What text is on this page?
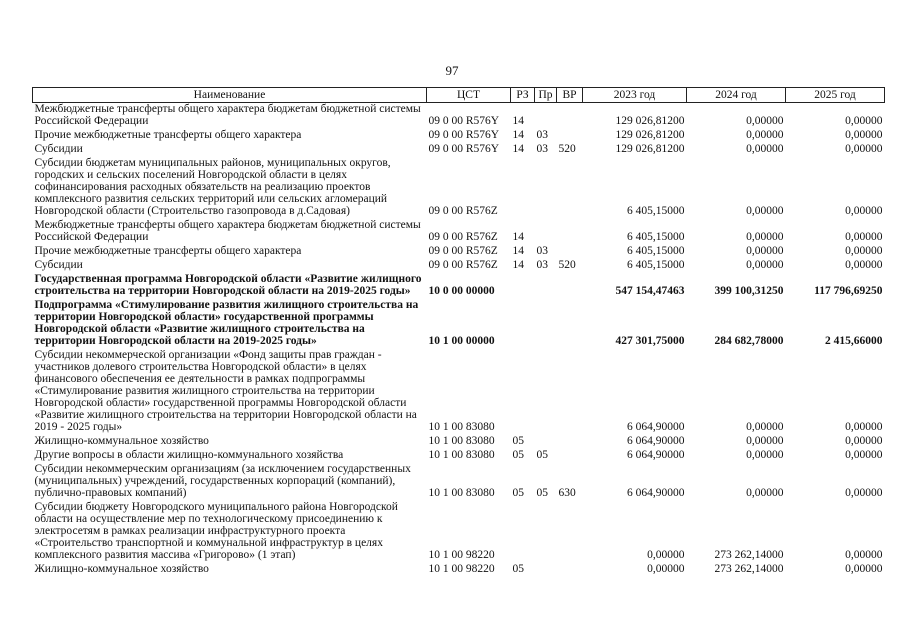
97
Наименование	ЦСТ	РЗ	Пр	ВР	2023 год	2024 год	2025 год
Межбюджетные трансферты общего характера бюджетам бюджетной системы Российской Федерации	09 0 00 R576Y	14			129 026,81200	0,00000	0,00000
Прочие межбюджетные трансферты общего характера	09 0 00 R576Y	14	03		129 026,81200	0,00000	0,00000
Субсидии	09 0 00 R576Y	14	03	520	129 026,81200	0,00000	0,00000
Субсидии бюджетам муниципальных районов, муниципальных округов, городских и сельских поселений Новгородской области в целях софинансирования расходных обязательств на реализацию проектов комплексного развития сельских территорий или сельских агломераций Новгородской области (Строительство газопровода в д.Садовая)	09 0 00 R576Z				6 405,15000	0,00000	0,00000
Межбюджетные трансферты общего характера бюджетам бюджетной системы Российской Федерации	09 0 00 R576Z	14			6 405,15000	0,00000	0,00000
Прочие межбюджетные трансферты общего характера	09 0 00 R576Z	14	03		6 405,15000	0,00000	0,00000
Субсидии	09 0 00 R576Z	14	03	520	6 405,15000	0,00000	0,00000
Государственная программа Новгородской области «Развитие жилищного строительства на территории Новгородской области на 2019-2025 годы»	10 0 00 00000				547 154,47463	399 100,31250	117 796,69250
Подпрограмма «Стимулирование развития жилищного строительства на территории Новгородской области» государственной программы Новгородской области «Развитие жилищного строительства на территории Новгородской области на 2019-2025 годы»	10 1 00 00000				427 301,75000	284 682,78000	2 415,66000
Субсидии некоммерческой организации «Фонд защиты прав граждан - участников долевого строительства Новгородской области» в целях финансового обеспечения ее деятельности в рамках подпрограммы «Стимулирование развития жилищного строительства на территории Новгородской области» государственной программы Новгородской области «Развитие жилищного строительства на территории Новгородской области на 2019 - 2025 годы»	10 1 00 83080				6 064,90000	0,00000	0,00000
Жилищно-коммунальное хозяйство	10 1 00 83080	05			6 064,90000	0,00000	0,00000
Другие вопросы в области жилищно-коммунального хозяйства	10 1 00 83080	05	05		6 064,90000	0,00000	0,00000
Субсидии некоммерческим организациям (за исключением государственных (муниципальных) учреждений, государственных корпораций (компаний), публично-правовых компаний)	10 1 00 83080	05	05	630	6 064,90000	0,00000	0,00000
Субсидии бюджету Новгородского муниципального района Новгородской области на осуществление мер по технологическому присоединению к электросетям в рамках реализации инфраструктурного проекта «Строительство транспортной и коммунальной инфраструктур в целях комплексного развития массива «Григорово» (1 этап)	10 1 00 98220				0,00000	273 262,14000	0,00000
Жилищно-коммунальное хозяйство	10 1 00 98220	05			0,00000	273 262,14000	0,00000
